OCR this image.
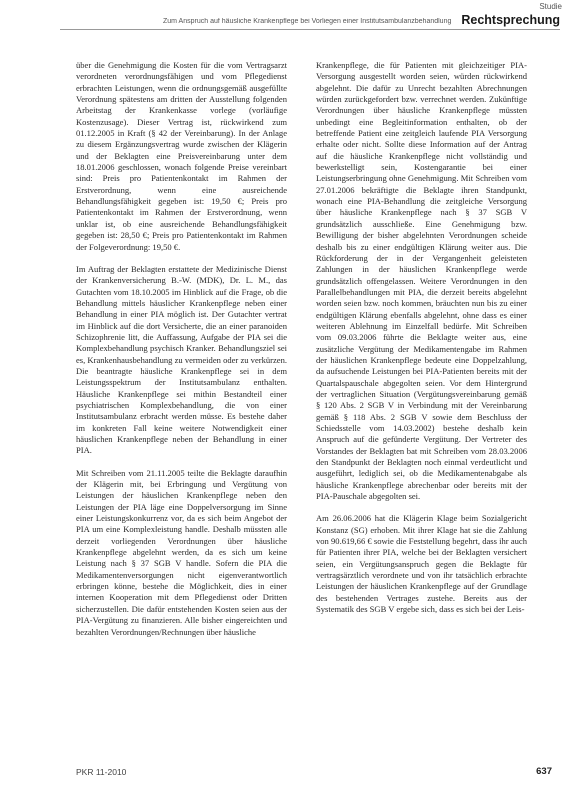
Studie
Zum Anspruch auf häusliche Krankenpflege bei Vorliegen einer Institutsambulanzbehandlung Rechtsprechung

über die Genehmigung die Kosten für die vom Vertragsarzt verordneten verordnungsfähigen und vom Pflegedienst erbrachten Leistungen, wenn die ordnungsgemäß ausgefüllte Verordnung spätestens am dritten der Ausstellung folgenden Arbeitstag der Krankenkasse vorlege (vorläufige Kostenzusage). Dieser Vertrag ist, rückwirkend zum 01.12.2005 in Kraft (§ 42 der Vereinbarung). In der Anlage zu diesem Ergänzungsvertrag wurde zwischen der Klägerin und der Beklagten eine Preisvereinbarung unter dem 18.01.2006 geschlossen, wonach folgende Preise vereinbart sind: Preis pro Patientenkontakt im Rahmen der Erstverordnung, wenn eine ausreichende Behandlungsfähigkeit gegeben ist: 19,50 €; Preis pro Patientenkontakt im Rahmen der Erstverordnung, wenn unklar ist, ob eine ausreichende Behandlungsfähigkeit gegeben ist: 28,50 €; Preis pro Patientenkontakt im Rahmen der Folgeverordnung: 19,50 €.

Im Auftrag der Beklagten erstattete der Medizinische Dienst der Krankenversicherung B.-W. (MDK), Dr. L. M., das Gutachten vom 18.10.2005 im Hinblick auf die Frage, ob die Behandlung mittels häuslicher Krankenpflege neben einer Behandlung in einer PIA möglich ist. Der Gutachter vertrat im Hinblick auf die dort Versicherte, die an einer paranoiden Schizophrenie litt, die Auffassung, Aufgabe der PIA sei die Komplexbehandlung psychisch Kranker. Behandlungsziel sei es, Krankenhausbehandlung zu vermeiden oder zu verkürzen. Die beantragte häusliche Krankenpflege sei in dem Leistungsspektrum der Institutsambulanz enthalten. Häusliche Krankenpflege sei mithin Bestandteil einer psychiatrischen Komplexbehandlung, die von einer Institutsambulanz erbracht werden müsse. Es bestehe daher im konkreten Fall keine weitere Notwendigkeit einer häuslichen Krankenpflege neben der Behandlung in einer PIA.

Mit Schreiben vom 21.11.2005 teilte die Beklagte daraufhin der Klägerin mit, bei Erbringung und Vergütung von Leistungen der häuslichen Krankenpflege neben den Leistungen der PIA läge eine Doppelversorgung im Sinne einer Leistungskonkurrenz vor, da es sich beim Angebot der PIA um eine Komplexleistung handle. Deshalb müssten alle derzeit vorliegenden Verordnungen über häusliche Krankenpflege abgelehnt werden, da es sich um keine Leistung nach § 37 SGB V handle. Sofern die PIA die Medikamentenversorgungen nicht eigenverantwortlich erbringen könne, bestehe die Möglichkeit, dies in einer internen Kooperation mit dem Pflegedienst oder Dritten sicherzustellen. Die dafür entstehenden Kosten seien aus der PIA-Vergütung zu finanzieren. Alle bisher eingereichten und bezahlten Verordnungen/Rechnungen über häusliche

Krankenpflege, die für Patienten mit gleichzeitiger PIA-Versorgung ausgestellt worden seien, würden rückwirkend abgelehnt. Die dafür zu Unrecht bezahlten Abrechnungen würden zurückgefordert bzw. verrechnet werden. Zukünftige Verordnungen über häusliche Krankenpflege müssten unbedingt eine Begleitinformation enthalten, ob der betreffende Patient eine zeitgleich laufende PIA Versorgung erhalte oder nicht. Sollte diese Information auf der Antrag auf die häusliche Krankenpflege nicht vollständig und bewerkstelligt sein, Kostengarantie bei einer Leistungserbringung ohne Genehmigung. Mit Schreiben vom 27.01.2006 bekräftigte die Beklagte ihren Standpunkt, wonach eine PIA-Behandlung die zeitgleiche Versorgung über häusliche Krankenpflege nach § 37 SGB V grundsätzlich ausschließe. Eine Genehmigung bzw. Bewilligung der bisher abgelehnten Verordnungen scheide deshalb bis zu einer endgültigen Klärung weiter aus. Die Rückforderung der in der Vergangenheit geleisteten Zahlungen in der häuslichen Krankenpflege werde grundsätzlich offengelassen. Weitere Verordnungen in den Parallelbehandlungen mit PIA, die derzeit bereits abgelehnt worden seien bzw. noch kommen, bräuchten nun bis zu einer endgültigen Klärung ebenfalls abgelehnt, ohne dass es einer weiteren Ablehnung im Einzelfall bedürfe. Mit Schreiben vom 09.03.2006 führte die Beklagte weiter aus, eine zusätzliche Vergütung der Medikamentengabe im Rahmen der häuslichen Krankenpflege bedeute eine Doppelzahlung, da aufsuchende Leistungen bei PIA-Patienten bereits mit der Quartalspauschale abgegolten seien. Vor dem Hintergrund der vertraglichen Situation (Vergütungsvereinbarung gemäß § 120 Abs. 2 SGB V in Verbindung mit der Vereinbarung gemäß § 118 Abs. 2 SGB V sowie dem Beschluss der Schiedsstelle vom 14.03.2002) bestehe deshalb kein Anspruch auf die gefünderte Vergütung. Der Vertreter des Vorstandes der Beklagten bat mit Schreiben vom 28.03.2006 den Standpunkt der Beklagten noch einmal verdeutlicht und ausgeführt, lediglich sei, ob die Medikamentenabgabe als häusliche Krankenpflege abrechenbar oder bereits mit der PIA-Pauschale abgegolten sei.

Am 26.06.2006 hat die Klägerin Klage beim Sozialgericht Konstanz (SG) erhoben. Mit ihrer Klage hat sie die Zahlung von 90.619,66 € sowie die Feststellung begehrt, dass ihr auch für Patienten ihrer PIA, welche bei der Beklagten versichert seien, ein Vergütungsanspruch gegen die Beklagte für vertragsärztlich verordnete und von ihr tatsächlich erbrachte Leistungen der häuslichen Krankenpflege auf der Grundlage des bestehenden Vertrages zustehe. Bereits aus der Systematik des SGB V ergebe sich, dass es sich bei der Leis-

PKR 11-2010	637
